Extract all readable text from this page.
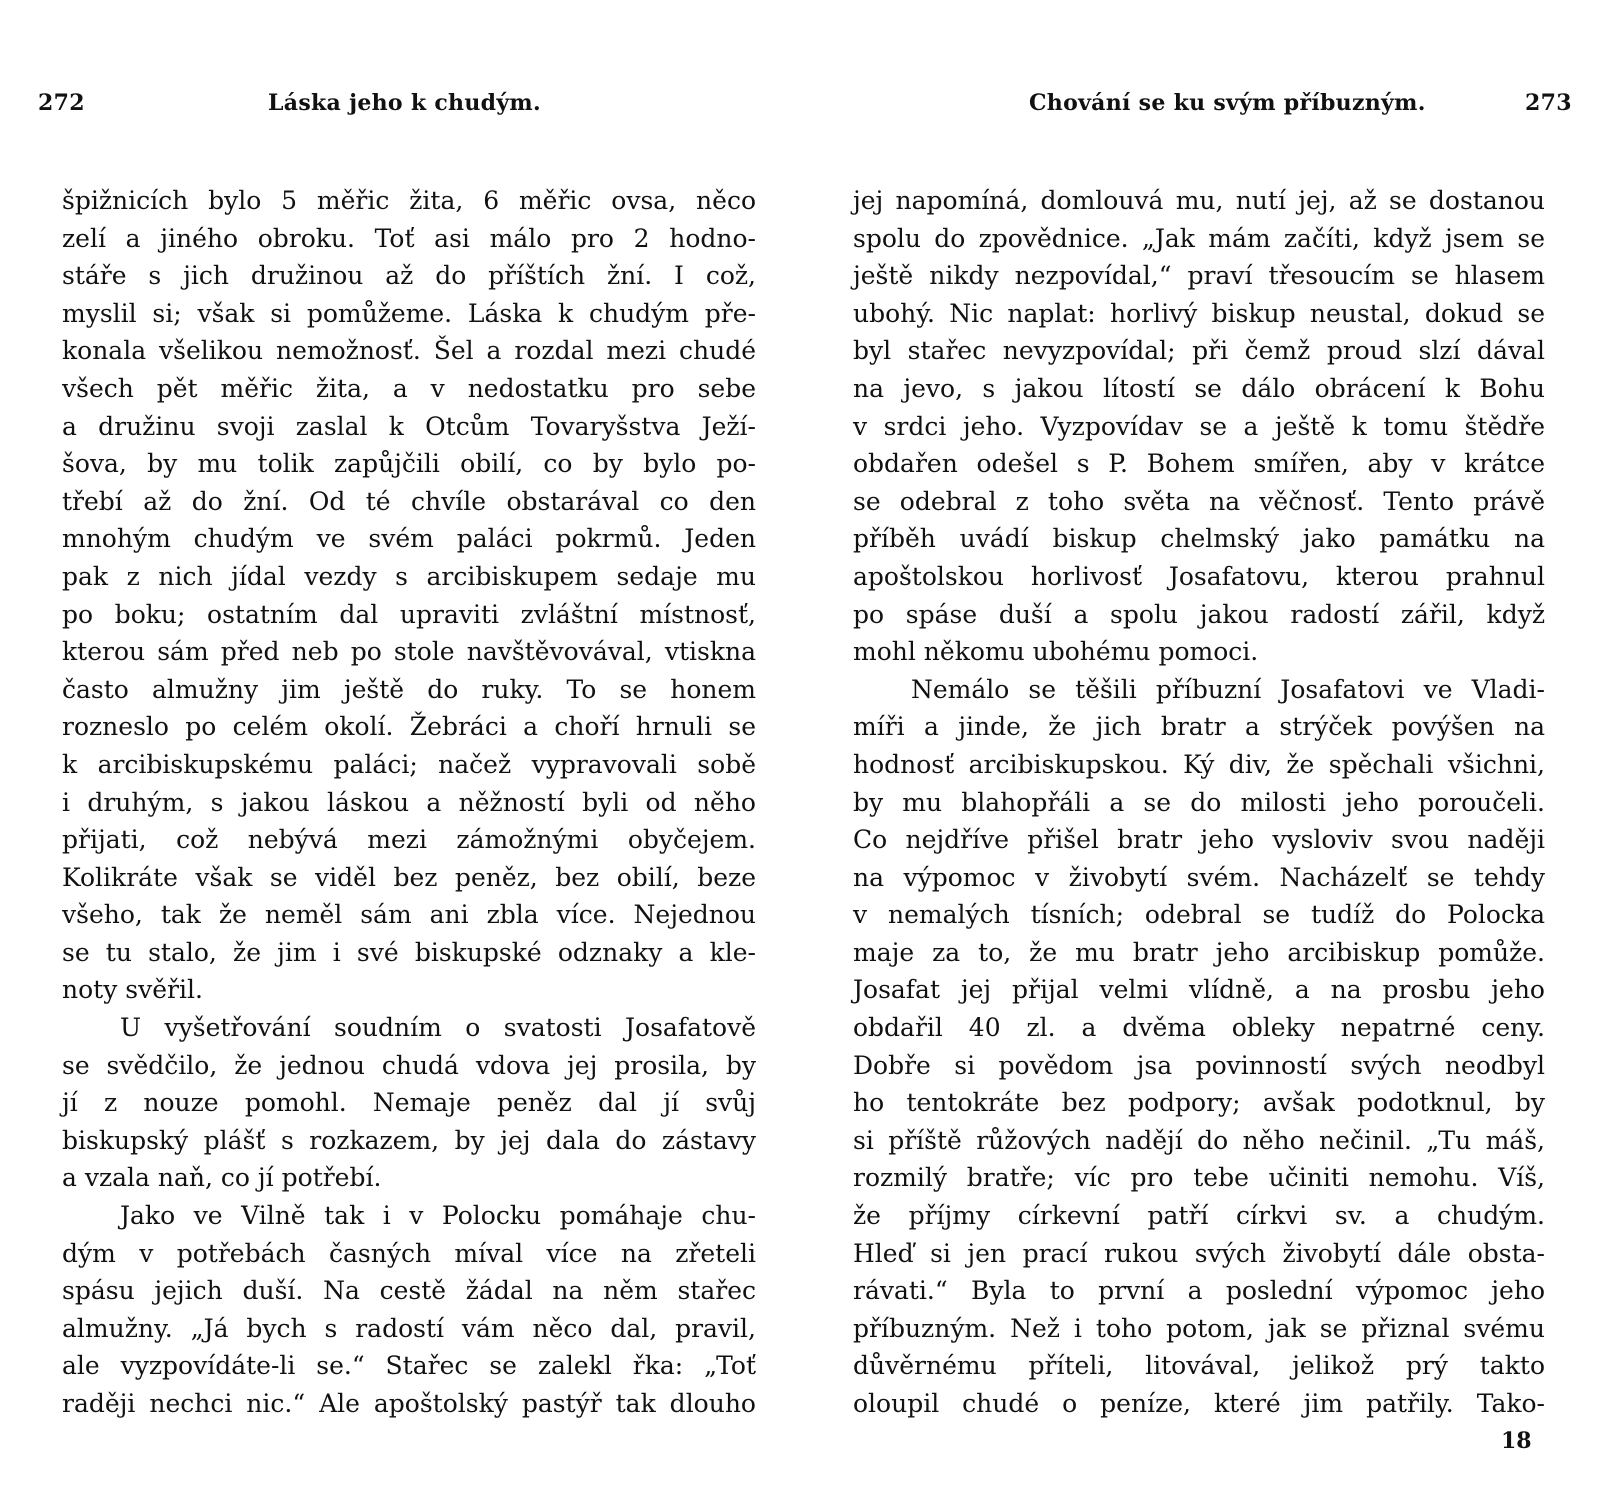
272	Láska jeho k chudým.
špižnicích bylo 5 měřic žita, 6 měřic ovsa, něco
zelí a jiného obroku. Toť asi málo pro 2 hodno-
stáře s jich družinou až do příštích žní. I což,
myslil si; však si pomůžeme. Láska k chudým pře-
konala všelikou nemožnosť. Šel a rozdal mezi chudé
všech pět měřic žita, a v nedostatku pro sebe
a družinu svoji zaslal k Otcům Tovaryšstva Ježí-
šova, by mu tolik zapůjčili obilí, co by bylo po-
třebí až do žní. Od té chvíle obstarával co den
mnohým chudým ve svém paláci pokrmů. Jeden
pak z nich jídal vezdy s arcibiskupem sedaje mu
po boku; ostatním dal upraviti zvláštní místnosť,
kterou sám před neb po stole navštěvovával, vtiskna
často almužny jim ještě do ruky. To se honem
rozneslo po celém okolí. Žebráci a choří hrnuli se
k arcibiskupskému paláci; načež vypravovali sobě
i druhým, s jakou láskou a něžností byli od něho
přijati, což nebývá mezi zámožnými obyčejem.
Kolikráte však se viděl bez peněz, bez obilí, beze
všeho, tak že neměl sám ani zbla více. Nejednou
se tu stalo, že jim i své biskupské odznaky a kle-
noty svěřil.
U vyšetřování soudním o svatosti Josafatově
se svědčilo, že jednou chudá vdova jej prosila, by
jí z nouze pomohl. Nemaje peněz dal jí svůj
biskupský plášť s rozkazem, by jej dala do zástavy
a vzala naň, co jí potřebí.
Jako ve Vilně tak i v Polocku pomáhaje chu-
dým v potřebách časných míval více na zřeteli
spásu jejich duší. Na cestě žádal na něm stařec
almužny. „Já bych s radostí vám něco dal, pravil,
ale vyzpovídáte-li se.“ Stařec se zalekl řka: „Toť
raději nechci nic.“ Ale apoštolský pastýř tak dlouho
Chování se ku svým příbuzným.	273
jej napomíná, domlouvá mu, nutí jej, až se dostanou
spolu do zpovědnice. „Jak mám začíti, když jsem se
ještě nikdy nezpovídal,“ praví třesoucím se hlasem
ubohý. Nic naplat: horlivý biskup neustal, dokud se
byl stařec nevyzpovídal; při čemž proud slzí dával
na jevo, s jakou lítostí se dálo obrácení k Bohu
v srdci jeho. Vyzpovídav se a ještě k tomu štědře
obdařen odešel s P. Bohem smířen, aby v krátce
se odebral z toho světa na věčnosť. Tento právě
příběh uvádí biskup chelmský jako památku na
apoštolskou horlivosť Josafatovu, kterou prahnul
po spáse duší a spolu jakou radostí zářil, když
mohl někomu ubohému pomoci.
Nemálo se těšili příbuzní Josafatovi ve Vladi-
míři a jinde, že jich bratr a strýček povýšen na
hodnosť arcibiskupskou. Ký div, že spěchali všichni,
by mu blahopřáli a se do milosti jeho poroučeli.
Co nejdříve přišel bratr jeho vysloviv svou naději
na výpomoc v živobytí svém. Nacházelť se tehdy
v nemalých tísních; odebral se tudíž do Polocka
maje za to, že mu bratr jeho arcibiskup pomůže.
Josafat jej přijal velmi vlídně, a na prosbu jeho
obdařil 40 zl. a dvěma obleky nepatrné ceny.
Dobře si povědom jsa povinností svých neodbyl
ho tentokráte bez podpory; avšak podotknul, by
si příště růžových nadějí do něho nečinil. „Tu máš,
rozmilý bratře; víc pro tebe učiniti nemohu. Víš,
že příjmy církevní patří církvi sv. a chudým.
Hleď si jen prací rukou svých živobytí dále obsta-
rávati.“ Byla to první a poslední výpomoc jeho
příbuzným. Než i toho potom, jak se přiznal svému
důvěrnému příteli, litovával, jelikož prý takto
oloupil chudé o peníze, které jim patřily. Tako-
18
